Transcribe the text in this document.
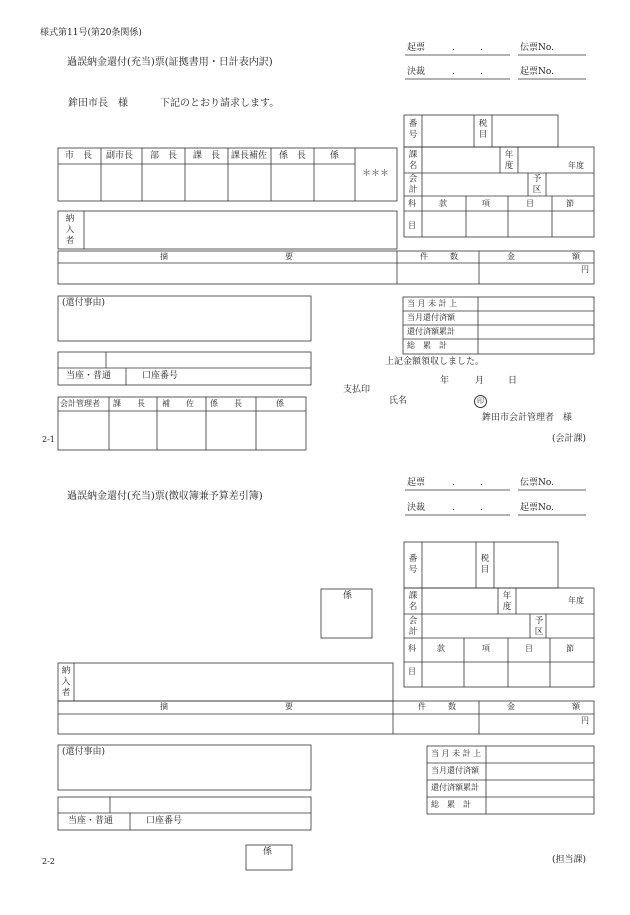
様式第11号(第20条関係)
起票	.	.	伝票No.
過誤納金還付(充当)票(証拠書用・日計表内訳)
決裁	.	.	起票No.
鉾田市長　様	下記のとおり請求します。
市　長 副市長 部　長 課　長 課長補佐 係　長	係
＊＊＊
番号
税目
課名
年度	年度
会計
予区
科
目
款	項	目	節
納入者
摘	要	件	数	金	額
円
(還付事由)
当座・普通	口座番号
当 月 未 計 上
当月還付済額
還付済額累計
総　累　計
上記金額領収しました。
年	月	日
支払印
氏名	印
鉾田市会計管理者　様
(会計課)
会計管理者 課　　長 補　　佐 係　　長	係
2-1
起票	.	.	伝票No.
過誤納金還付(充当)票(徴収簿兼予算差引簿)
決裁	.	.	起票No.
番号
税目
課名
年度
年度
会計
予区
科
目
款	項	目	節
係
納入者
摘	要	件	数	金	額
円
(還付事由)
当座・普通	口座番号
当 月 未 計 上
当月還付済額
還付済額累計
総　累　計
係
2-2	(担当課)
